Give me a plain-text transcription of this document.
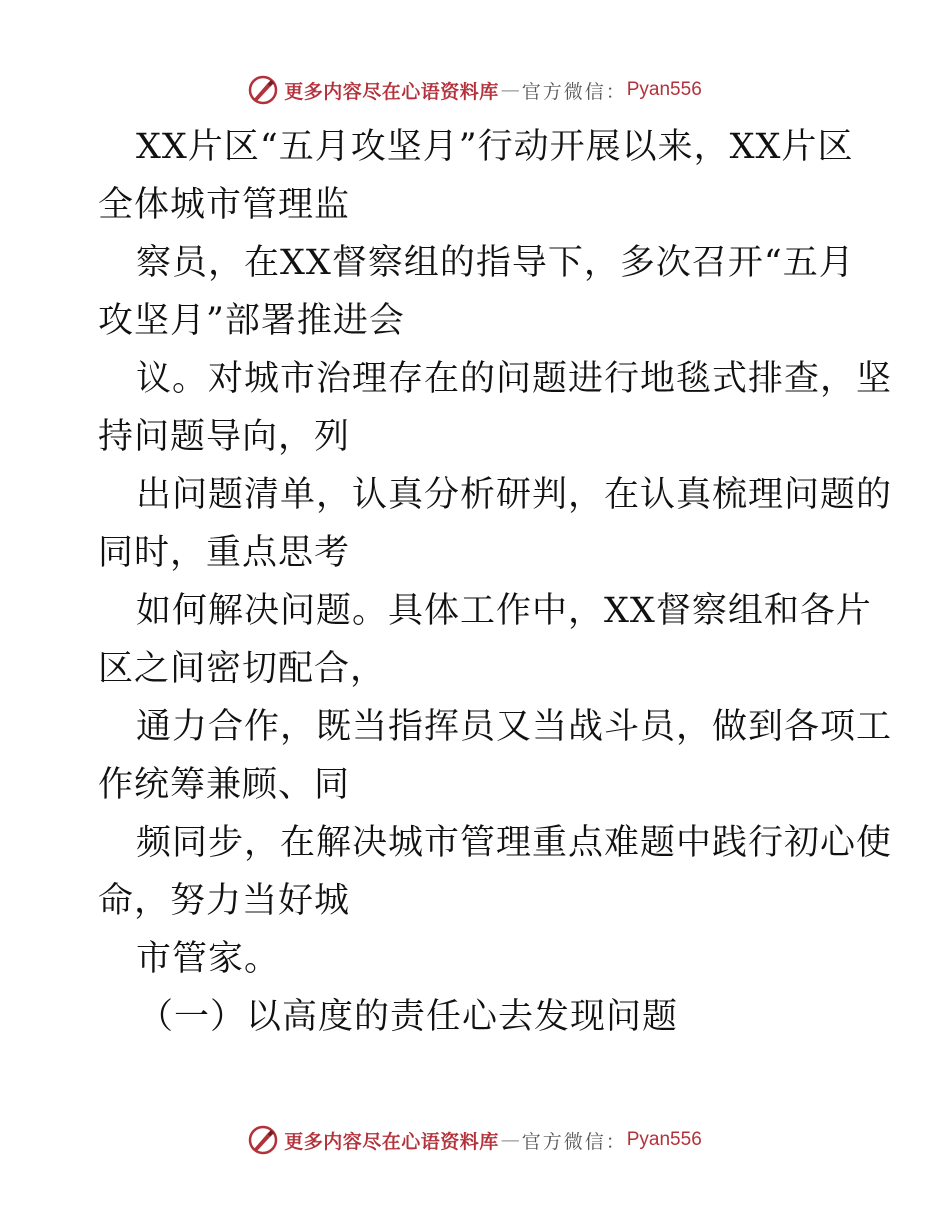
更多内容尽在心语资料库 — 官方微信： Pyan556
XX片区“五月攻坚月”行动开展以来，XX片区
全体城市管理监
察员，在XX督察组的指导下，多次召开“五月
攻坚月”部署推进会
议。对城市治理存在的问题进行地毯式排查，坚
持问题导向，列
出问题清单，认真分析研判，在认真梳理问题的
同时，重点思考
如何解决问题。具体工作中，XX督察组和各片
区之间密切配合，
通力合作，既当指挥员又当战斗员，做到各项工
作统筹兼顾、同
频同步，在解决城市管理重点难题中践行初心使
命，努力当好城
市管家。
（一）以高度的责任心去发现问题
更多内容尽在心语资料库 — 官方微信： Pyan556
